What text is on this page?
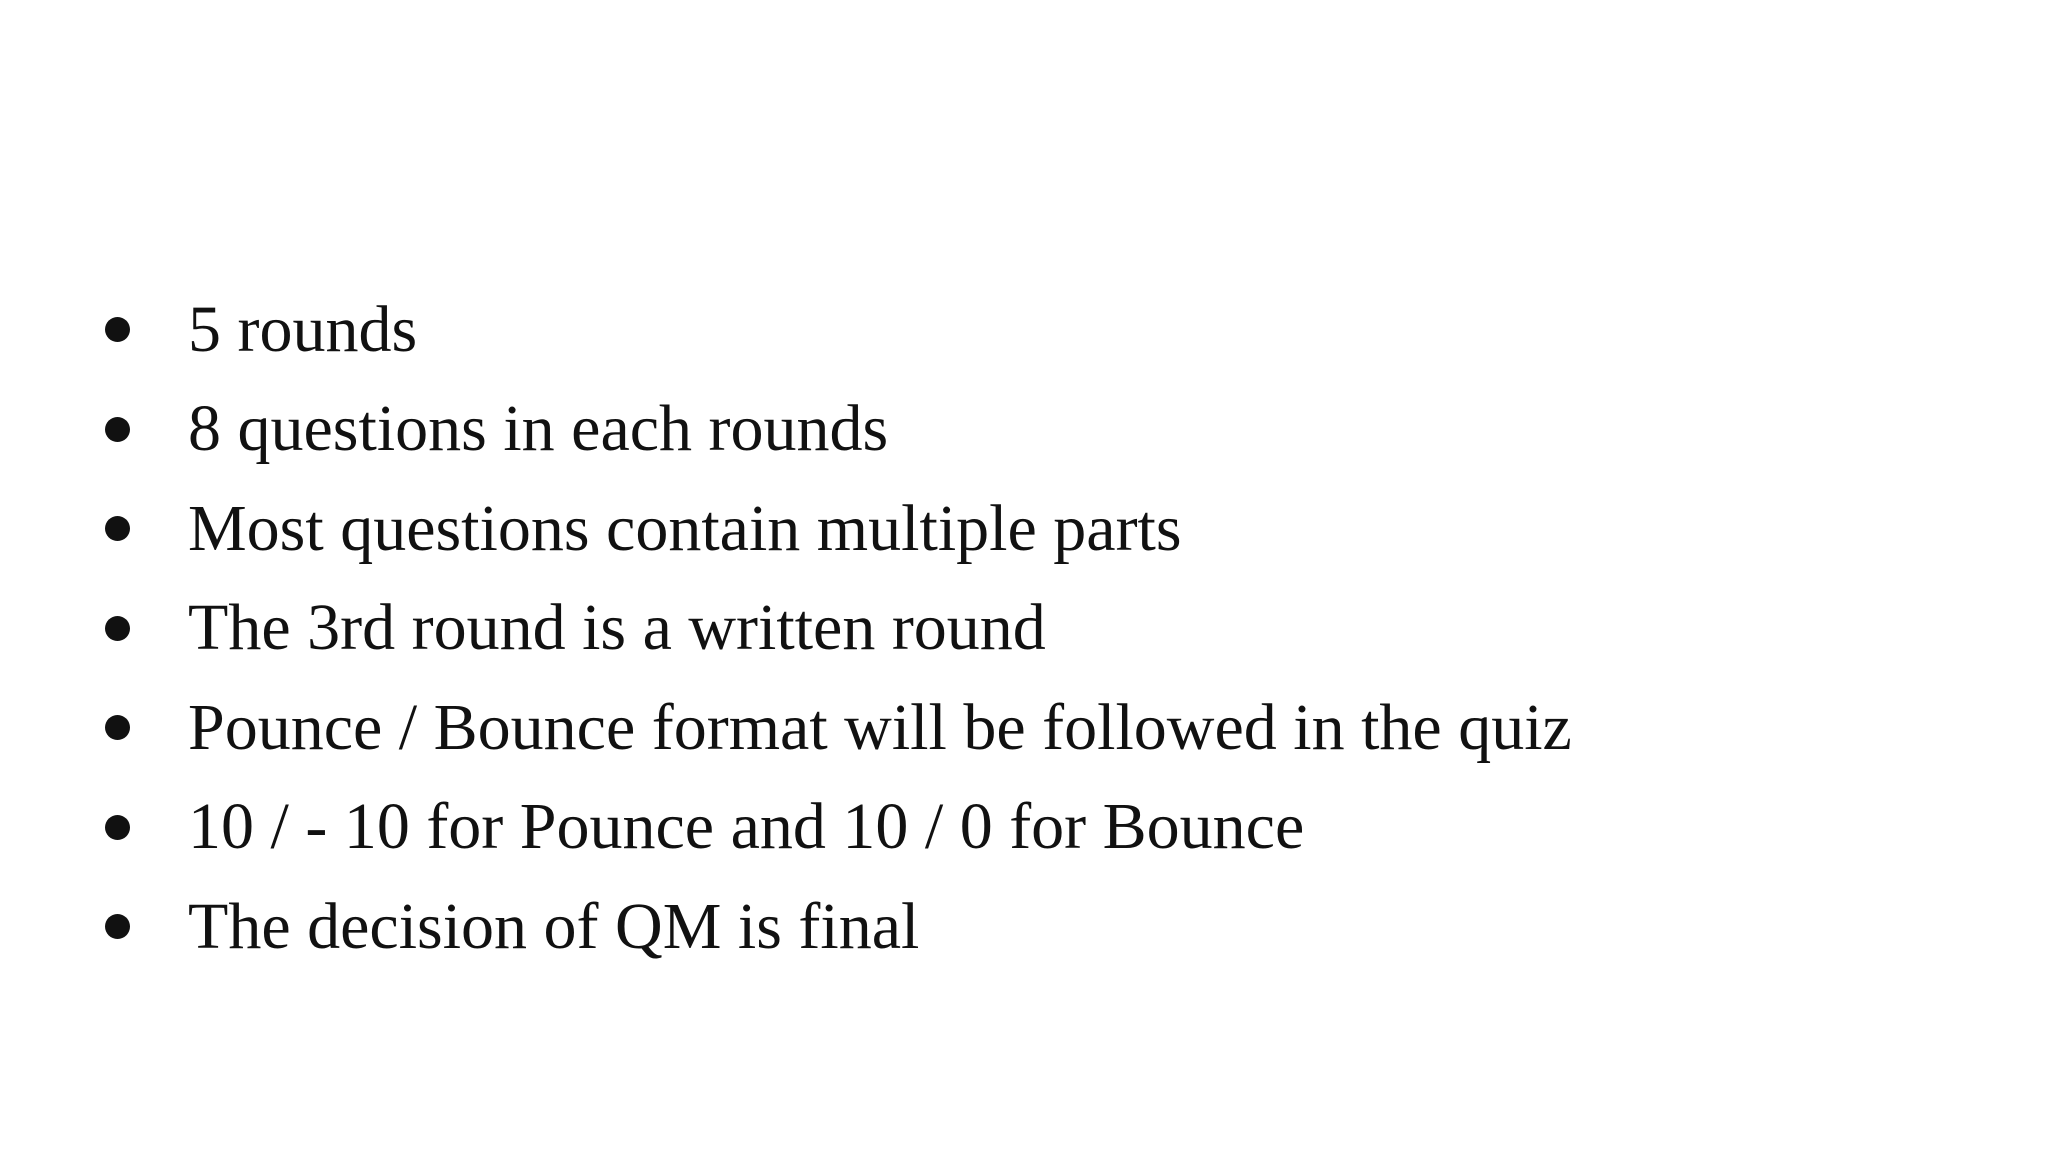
5 rounds
8 questions in each rounds
Most questions contain multiple parts
The 3rd round is a written round
Pounce / Bounce format will be followed in the quiz
10 / - 10 for Pounce and 10 / 0 for Bounce
The decision of QM is final
